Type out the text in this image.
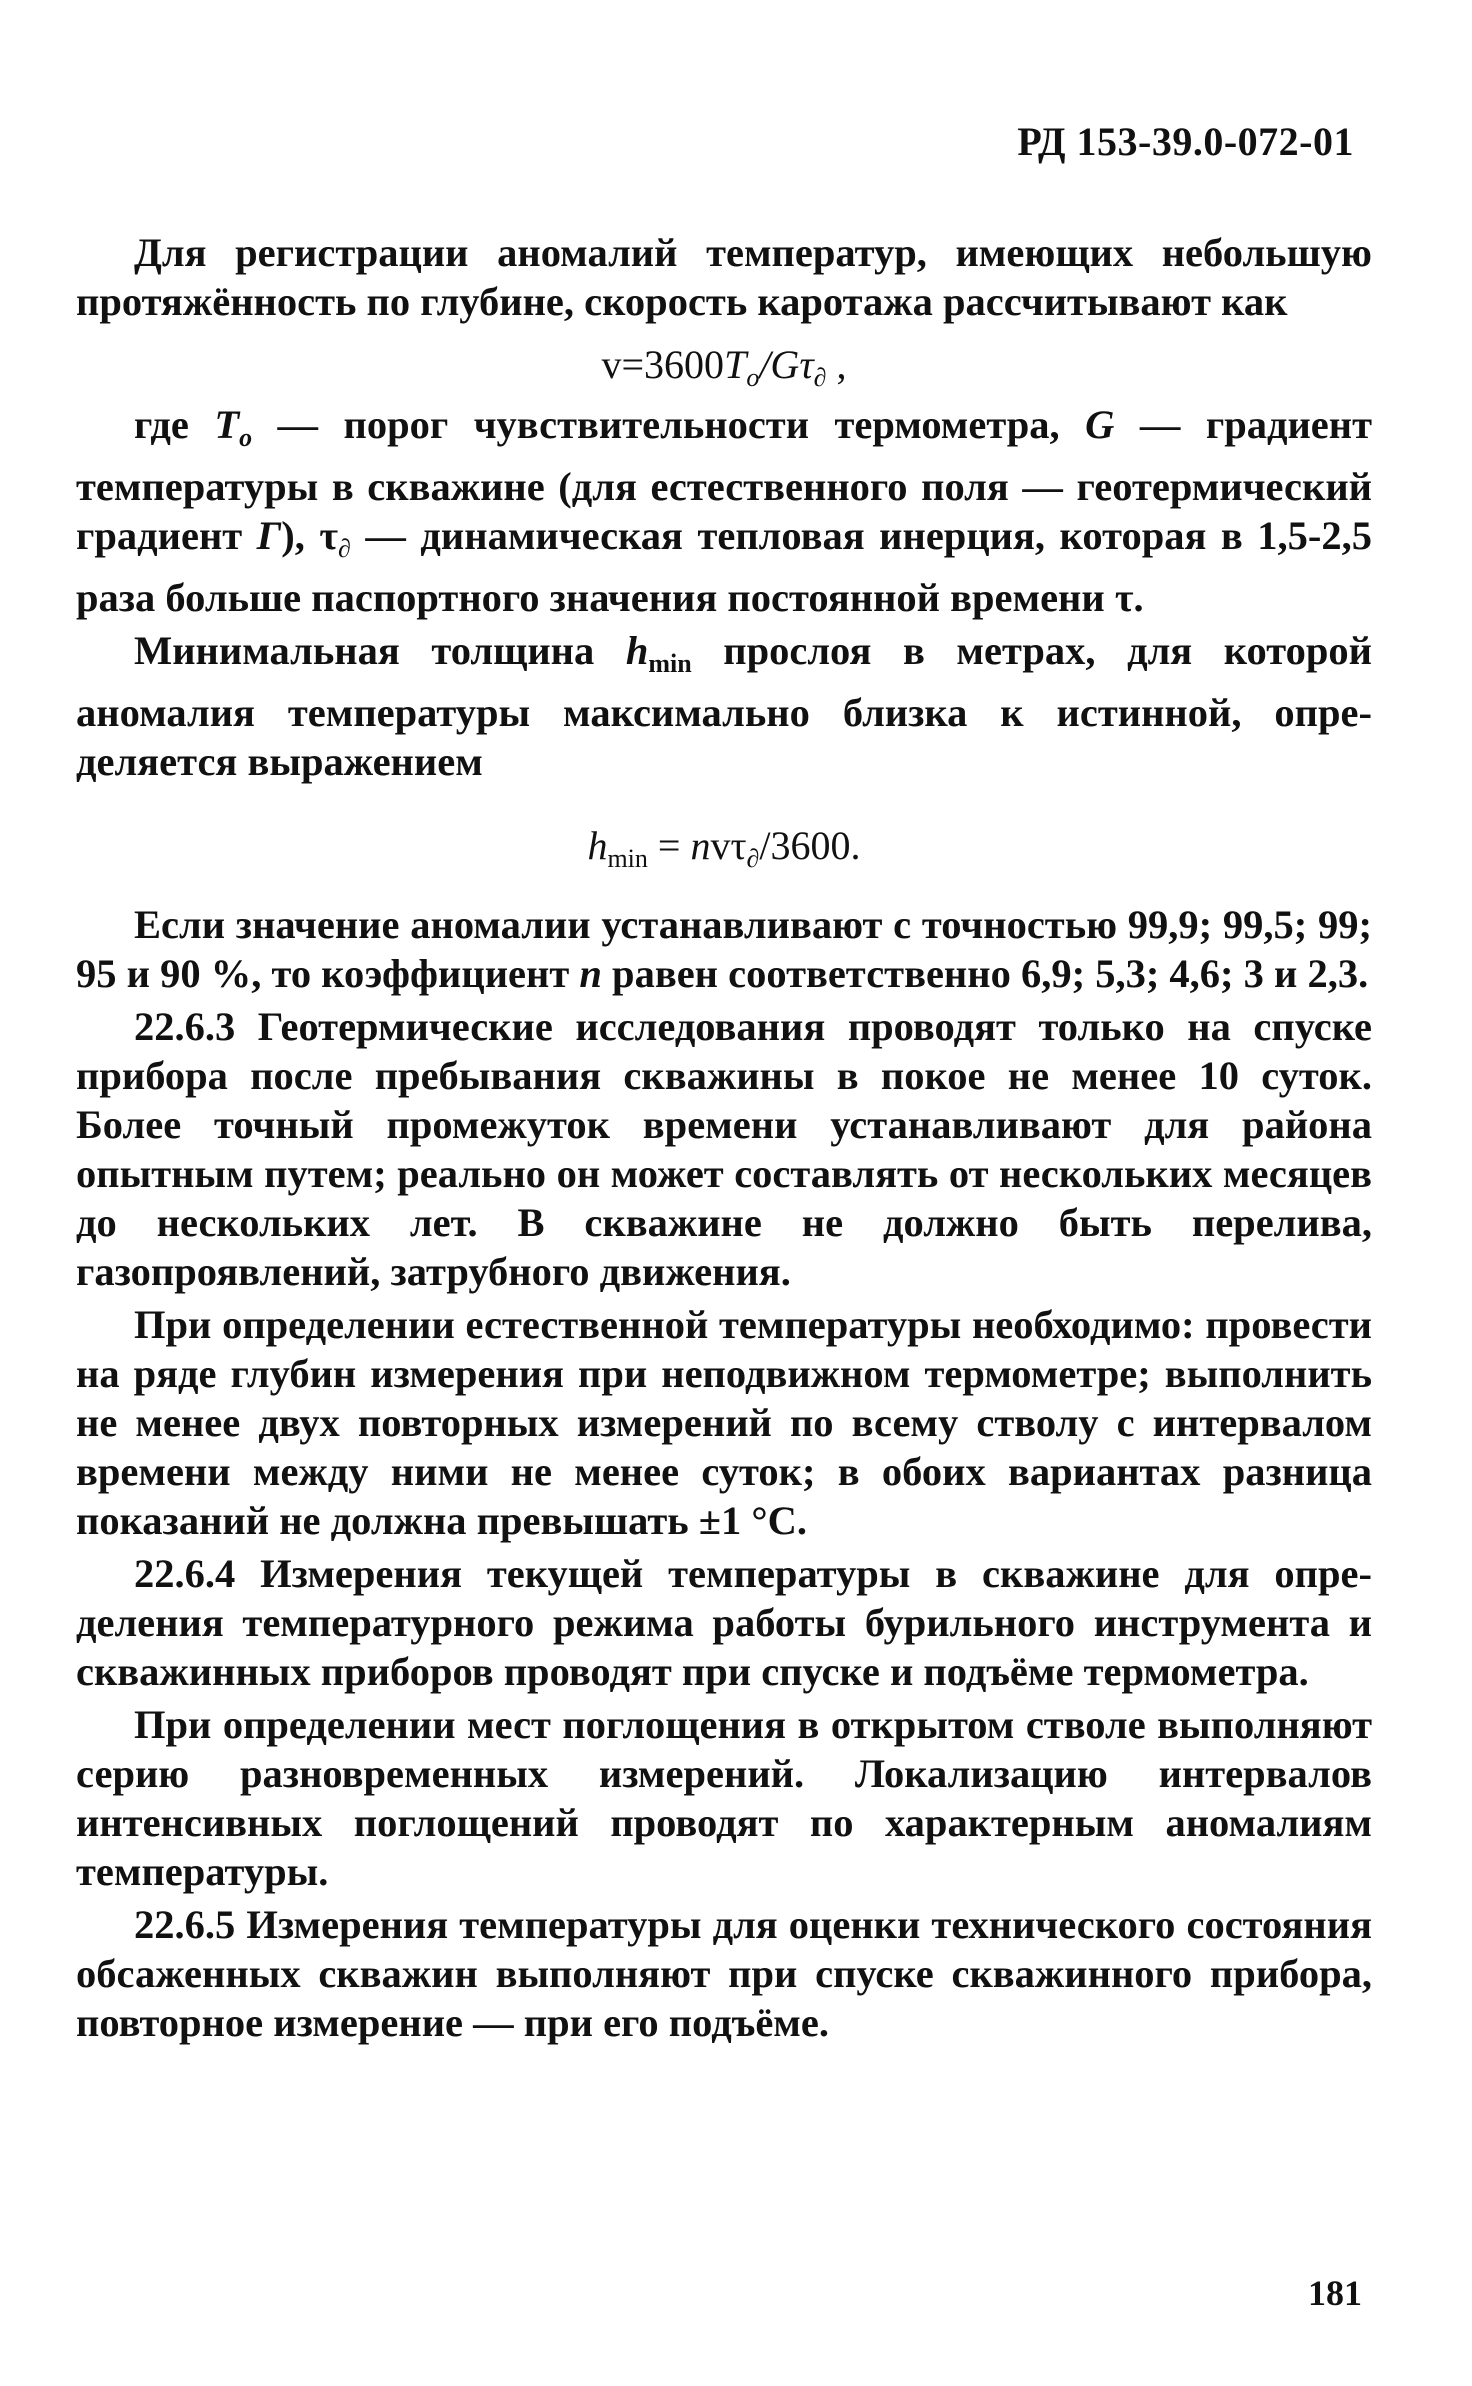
РД 153-39.0-072-01

Для регистрации аномалий температур, имеющих небольшую протяжённость по глубине, скорость каротажа рассчитывают как

$v=3600T_o/G\tau_\partial$ ,

где $T_o$ — порог чувствительности термометра, G — градиент температуры в скважине (для естественного поля — геотермический градиент Г), $\tau_\partial$ — динамическая тепловая инерция, которая в 1,5-2,5 раза больше паспортного значения постоянной времени τ.

Минимальная толщина $h_{min}$ прослоя в метрах, для которой аномалия температуры максимально близка к истинной, определяется выражением

$h_{min} = nv\tau_\partial/3600$.

Если значение аномалии устанавливают с точностью 99,9; 99,5; 99; 95 и 90 %, то коэффициент n равен соответственно 6,9; 5,3; 4,6; 3 и 2,3.

22.6.3 Геотермические исследования проводят только на спуске прибора после пребывания скважины в покое не менее 10 суток. Более точный промежуток времени устанавливают для района опытным путем; реально он может составлять от нескольких месяцев до нескольких лет. В скважине не должно быть перелива, газопроявлений, затрубного движения.

При определении естественной температуры необходимо: провести на ряде глубин измерения при неподвижном термометре; выполнить не менее двух повторных измерений по всему стволу с интервалом времени между ними не менее суток; в обоих вариантах разница показаний не должна превышать ±1 °С.

22.6.4 Измерения текущей температуры в скважине для определения температурного режима работы бурильного инструмента и скважинных приборов проводят при спуске и подъёме термометра.

При определении мест поглощения в открытом стволе выполняют серию разновременных измерений. Локализацию интервалов интенсивных поглощений проводят по характерным аномалиям температуры.

22.6.5 Измерения температуры для оценки технического состояния обсаженных скважин выполняют при спуске скважинного прибора, повторное измерение — при его подъёме.

181
